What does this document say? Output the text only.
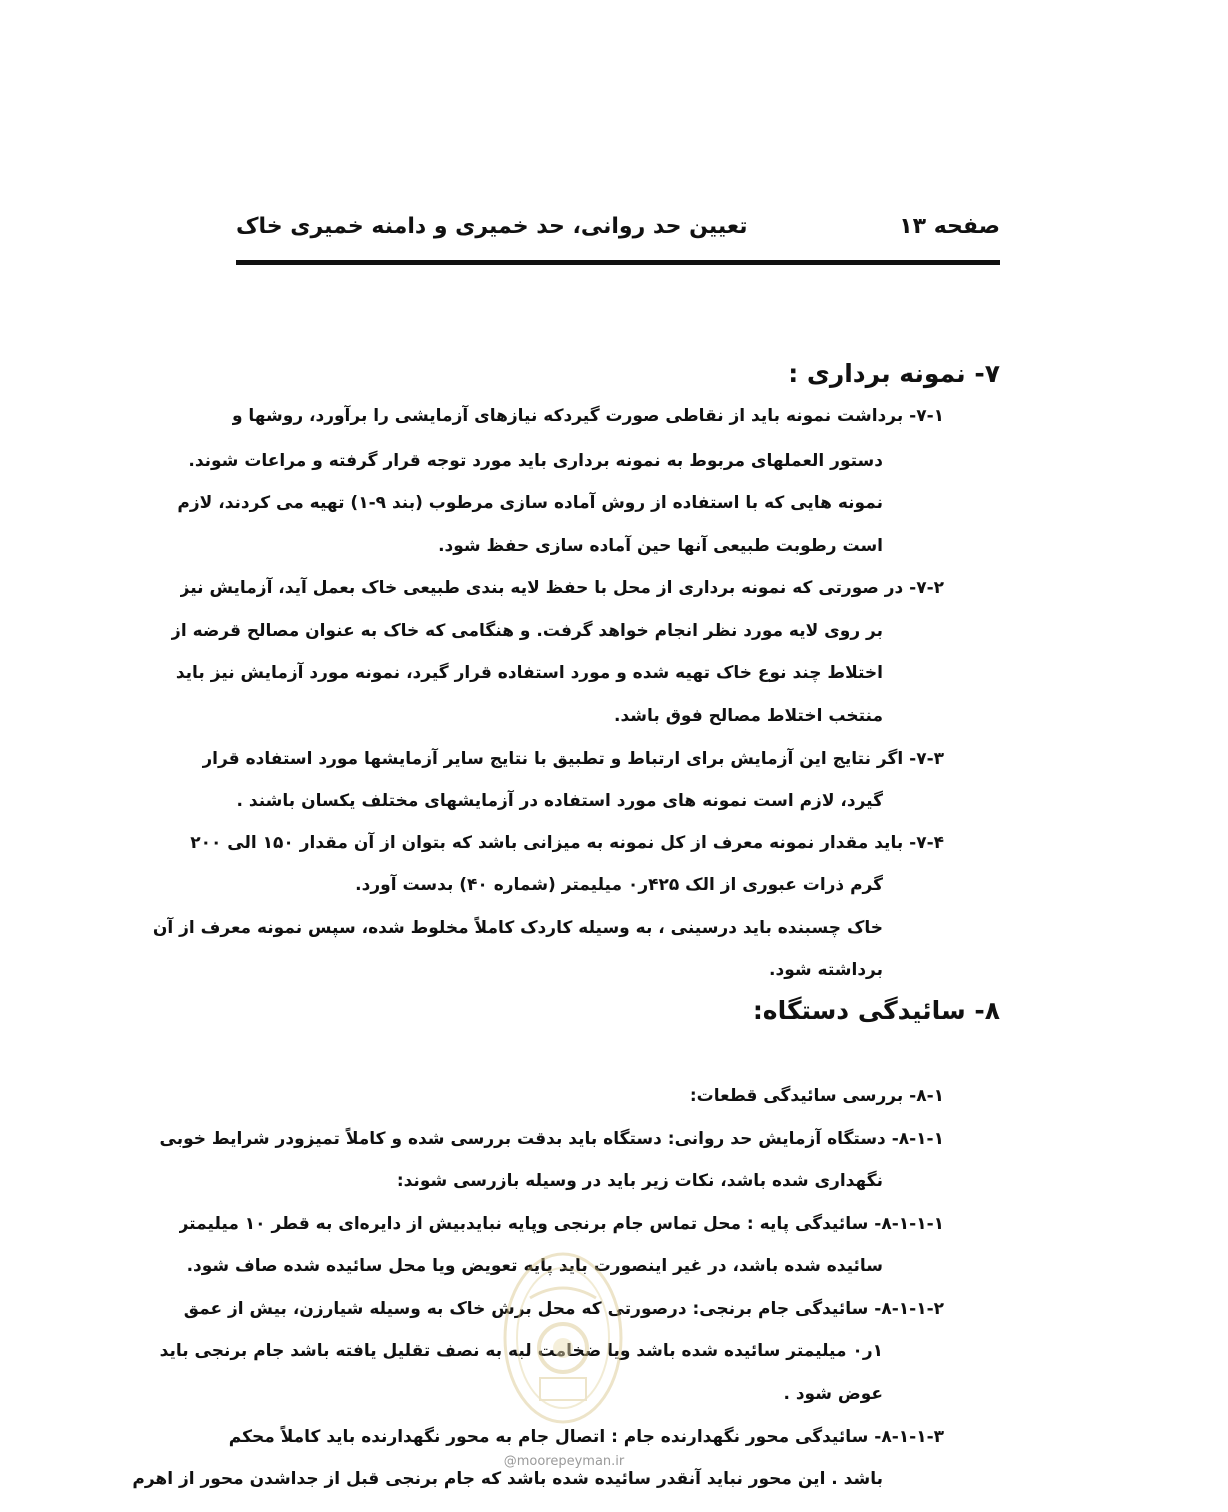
صفحه ۱۳
تعیین حد روانی، حد خمیری و دامنه خمیری خاک
۷- نمونه برداری :
۷-۱- برداشت نمونه باید از نقاطی صورت گیردکه نیازهای آزمایشی را برآورد، روشها و
دستور العملهای مربوط به نمونه برداری باید مورد توجه قرار گرفته و مراعات شوند.
نمونه هایی که با استفاده از روش آماده سازی مرطوب (بند ۹-۱) تهیه می کردند، لازم
است رطوبت طبیعی آنها حین آماده سازی حفظ شود.
۷-۲- در صورتی که نمونه برداری از محل با حفظ لایه بندی طبیعی خاک بعمل آید، آزمایش نیز
بر روی لایه مورد نظر انجام خواهد گرفت. و هنگامی که خاک به عنوان مصالح قرضه از
اختلاط چند نوع خاک تهیه شده و مورد استفاده قرار گیرد، نمونه مورد آزمایش نیز باید
منتخب اختلاط مصالح فوق باشد.
۷-۳- اگر نتایج این آزمایش برای ارتباط و تطبیق با نتایج سایر آزمایشها مورد استفاده قرار
گیرد، لازم است نمونه های مورد استفاده در آزمایشهای مختلف یکسان باشند .
۷-۴- باید مقدار نمونه معرف از کل نمونه به میزانی باشد که بتوان از آن مقدار ۱۵۰ الی ۲۰۰
گرم ذرات عبوری از الک ۴۲۵ر۰ میلیمتر (شماره ۴۰) بدست آورد.
خاک چسبنده باید درسینی ، به وسیله کاردک کاملاً مخلوط شده، سپس نمونه معرف از آن
برداشته شود.
۸- سائیدگی دستگاه:
۸-۱- بررسی سائیدگی قطعات:
۸-۱-۱- دستگاه آزمایش حد روانی: دستگاه باید بدقت بررسی شده و کاملاً تمیزودر شرایط خوبی
نگهداری شده باشد، نکات زیر باید در وسیله بازرسی شوند:
۸-۱-۱-۱- سائیدگی پایه : محل تماس جام برنجی وپایه نبایدبیش از دایره‌ای به قطر ۱۰ میلیمتر
سائیده شده باشد، در غیر اینصورت باید پایه تعویض ویا محل سائیده شده صاف شود.
۸-۱-۱-۲- سائیدگی جام برنجی: درصورتی که محل برش خاک به وسیله شیارزن، بیش از عمق
۱ر۰ میلیمتر سائیده شده باشد ویا ضخامت لبه به نصف تقلیل یافته باشد جام برنجی باید
عوض شود .
۸-۱-۱-۳- سائیدگی محور نگهدارنده جام : اتصال جام به محور نگهدارنده باید کاملاً محکم
باشد . این محور نباید آنقدر سائیده شده باشد که جام برنجی قبل از جداشدن محور از اهرم
@moorepeyman.ir
